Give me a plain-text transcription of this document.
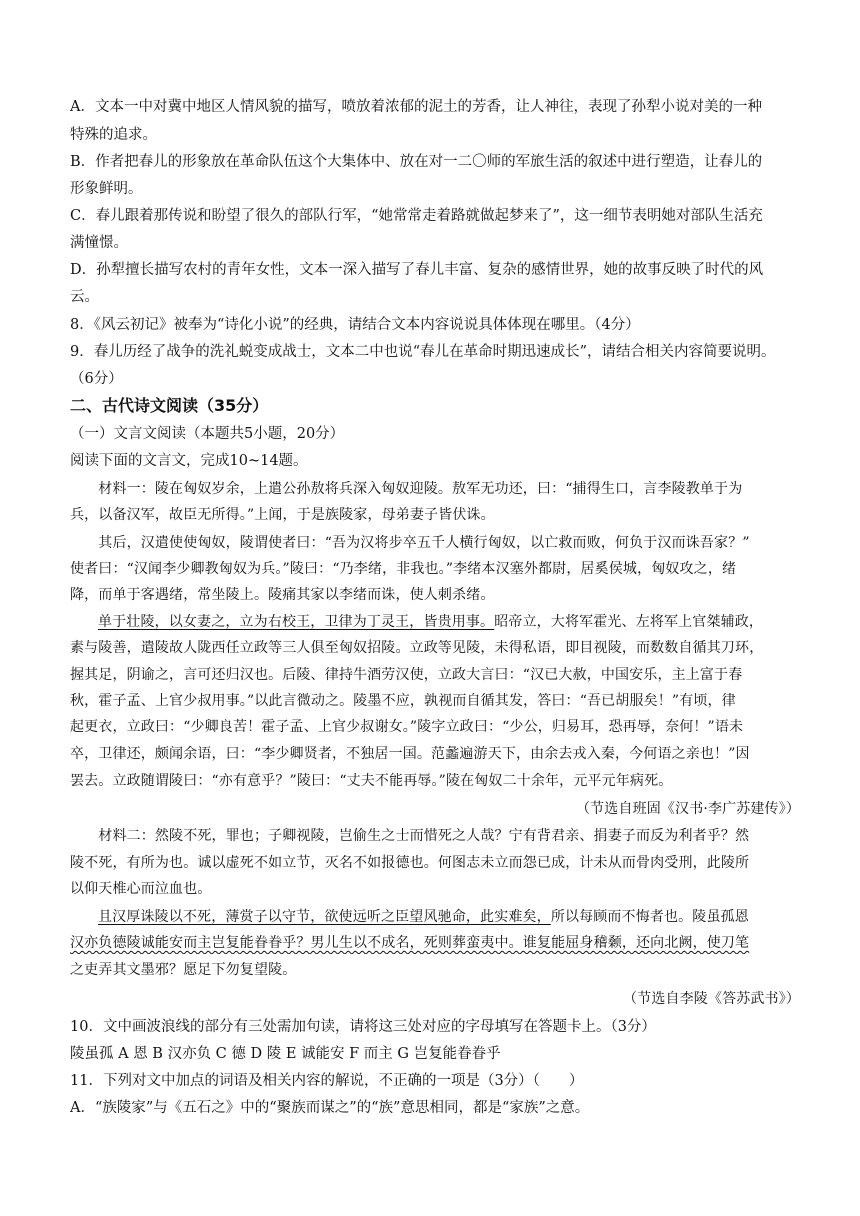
A．文本一中对冀中地区人情风貌的描写，喷放着浓郁的泥土的芳香，让人神往，表现了孙犁小说对美的一种
特殊的追求。
B．作者把春儿的形象放在革命队伍这个大集体中、放在对一二〇师的军旅生活的叙述中进行塑造，让春儿的
形象鲜明。
C．春儿跟着那传说和盼望了很久的部队行军，“她常常走着路就做起梦来了”，这一细节表明她对部队生活充
满憧憬。
D．孙犁擅长描写农村的青年女性，文本一深入描写了春儿丰富、复杂的感情世界，她的故事反映了时代的风
云。
8．《风云初记》被奉为“诗化小说”的经典，请结合文本内容说说具体体现在哪里。（4分）
9．春儿历经了战争的洗礼蜕变成战士，文本二中也说“春儿在革命时期迅速成长”，请结合相关内容简要说明。
（6分）
二、古代诗文阅读（35分）
（一）文言文阅读（本题共5小题，20分）
阅读下面的文言文，完成10~14题。
　　材料一：陵在匈奴岁余，上遣公孙敖将兵深入匈奴迎陵。敖军无功还，曰：“捕得生口，言李陵教单于为
兵，以备汉军，故臣无所得。”上闻，于是族陵家，母弟妻子皆伏诛。
　　其后，汉遣使使匈奴，陵谓使者曰：“吾为汉将步卒五千人横行匈奴，以亡救而败，何负于汉而诛吾家？”
使者曰：“汉闻李少卿教匈奴为兵。”陵曰：“乃李绪，非我也。”李绪本汉塞外都尉，居奚侯城，匈奴攻之，绪
降，而单于客遇绪，常坐陵上。陵痛其家以李绪而诛，使人刺杀绪。
单于壮陵，以女妻之，立为右校王，卫律为丁灵王，皆贵用事。昭帝立，大将军霍光、左将军上官桀辅政，
素与陵善，遣陵故人陇西任立政等三人俱至匈奴招陵。立政等见陵，未得私语，即目视陵，而数数自循其刀环，
握其足，阴谕之，言可还归汉也。后陵、律持牛酒劳汉使，立政大言曰：“汉已大赦，中国安乐，主上富于春
秋，霍子孟、上官少叔用事。”以此言微动之。陵墨不应，孰视而自循其发，答曰：“吾已胡服矣！”有顷，律
起更衣，立政曰：“少卿良苦！霍子孟、上官少叔谢女。”陵字立政曰：“少公，归易耳，恐再辱，奈何！”语未
卒，卫律还，颇闻余语，曰：“李少卿贤者，不独居一国。范蠡遍游天下，由余去戎入秦，今何语之亲也！”因
罢去。立政随谓陵曰：“亦有意乎？”陵曰：“丈夫不能再辱。”陵在匈奴二十余年，元平元年病死。
（节选自班固《汉书·李广苏建传》）
　　材料二：然陵不死，罪也；子卿视陵，岂偷生之士而惜死之人哉？宁有背君亲、捐妻子而反为利者乎？然
陵不死，有所为也。诚以虚死不如立节，灭名不如报德也。何图志未立而怨已成，计未从而骨肉受刑，此陵所
以仰天椎心而泣血也。
且汉厚诛陵以不死，薄赏子以守节，欲使远听之臣望风驰命，此实难矣，所以每顾而不悔者也。陵虽孤恩
汉亦负德陵诚能安而主岂复能眷眷乎？男儿生以不成名，死则葬蛮夷中。谁复能屈身稽颡，还向北阙，使刀笔
之吏弄其文墨邪？愿足下勿复望陵。
（节选自李陵《答苏武书》）
10．文中画波浪线的部分有三处需加句读，请将这三处对应的字母填写在答题卡上。（3分）
陵虽孤 A 恩 B 汉亦负 C 德 D 陵 E 诚能安 F 而主 G 岂复能眷眷乎
11．下列对文中加点的词语及相关内容的解说，不正确的一项是（3分）（　　）
A．“族陵家”与《五石之》中的“聚族而谋之”的“族”意思相同，都是“家族”之意。
